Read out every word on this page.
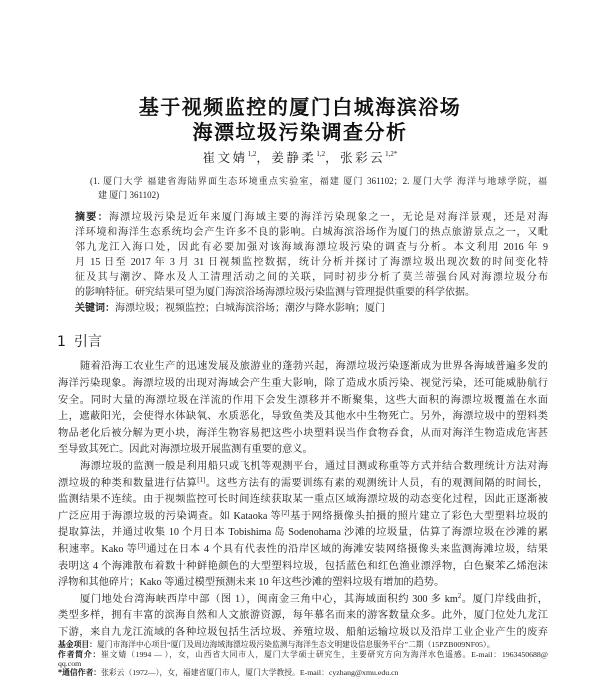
基于视频监控的厦门白城海滨浴场
海漂垃圾污染调查分析
崔文婧$^{1,2}$，姜静柔$^{1,2}$，张彩云$^{1,2*}$
(1. 厦门大学 福建省海陆界面生态环境重点实验室，福建 厦门 361102；2. 厦门大学 海洋与地球学院，福
建 厦门 361102)
摘要：海漂垃圾污染是近年来厦门海域主要的海洋污染现象之一，无论是对海洋景观，还是对海
洋环境和海洋生态系统均会产生许多不良的影响。白城海滨浴场作为厦门的热点旅游景点之一，又毗
邻九龙江入海口处，因此有必要加强对该海域海漂垃圾污染的调查与分析。本文利用 2016 年 9
月 15 日至 2017 年 3 月 31 日视频监控数据，统计分析并探讨了海漂垃圾出现次数的时间变化特
征及其与潮汐、降水及人工清理活动之间的关联，同时初步分析了莫兰蒂强台风对海漂垃圾分布
的影响特征。研究结果可望为厦门海滨浴场海漂垃圾污染监测与管理提供重要的科学依据。
关键词：海漂垃圾；视频监控；白城海滨浴场；潮汐与降水影响；厦门
1 引言
随着沿海工农业生产的迅速发展及旅游业的蓬勃兴起，海漂垃圾污染逐渐成为世界各海域普遍多发的
海洋污染现象。海漂垃圾的出现对海域会产生重大影响，除了造成水质污染、视觉污染，还可能威胁航行
安全。同时大量的海漂垃圾在洋流的作用下会发生漂移并不断聚集，这些大面积的海漂垃圾覆盖在水面
上，遮蔽阳光，会使得水体缺氧、水质恶化，导致鱼类及其他水中生物死亡。另外，海漂垃圾中的塑料类
物品老化后被分解为更小块，海洋生物容易把这些小块塑料误当作食物吞食，从而对海洋生物造成危害甚
至导致其死亡。因此对海漂垃圾开展监测有重要的意义。
海漂垃圾的监测一般是利用船只或飞机等观测平台，通过目测或称重等方式并结合数理统计方法对海
漂垃圾的种类和数量进行估算[1]。这些方法有的需要训练有素的观测统计人员，有的观测间隔的时间长，
监测结果不连续。由于视频监控可长时间连续获取某一重点区域海漂垃圾的动态变化过程，因此正逐渐被
广泛应用于海漂垃圾的污染调查。如 Kataoka 等[2]基于网络摄像头拍摄的照片建立了彩色大型塑料垃圾的
提取算法，并通过收集 10 个月日本 Tobishima 岛 Sodenohama 沙滩的垃圾量，估算了海漂垃圾在沙滩的累
积速率。Kako 等[3]通过在日本 4 个具有代表性的沿岸区域的海滩安装网络摄像头来监测海滩垃圾，结果
表明这 4 个海滩散布着数十种鲜艳颜色的大型塑料垃圾，包括蓝色和红色渔业漂浮物，白色聚苯乙烯泡沫
浮物和其他碎片；Kako 等通过模型预测未来 10 年这些沙滩的塑料垃圾有增加的趋势。
厦门地处台湾海峡西岸中部（图 1），闽南金三角中心，其海域面积约 300 多 $km^2$。厦门岸线曲折，
类型多样，拥有丰富的滨海自然和人文旅游资源，每年慕名而来的游客数量众多。此外，厦门位处九龙江
下游，来自九龙江流域的各种垃圾包括生活垃圾、养殖垃圾、船舶运输垃圾以及沿岸工业企业产生的废弃
基金项目：厦门市海洋中心项目“厦门及周边海域海漂垃圾污染监测与海洋生态文明建设信息服务平台”二期（15PZB009NF05）。
作者简介：崔文婧（1994 — ），女，山西省大同市人，厦门大学硕士研究生，主要研究方向为海洋水色遥感。E-mail：1963450688@
qq.com
*通信作者：张彩云（1972—），女，福建省厦门市人，厦门大学教授。E-mail：cyzhang@xmu.edu.cn
